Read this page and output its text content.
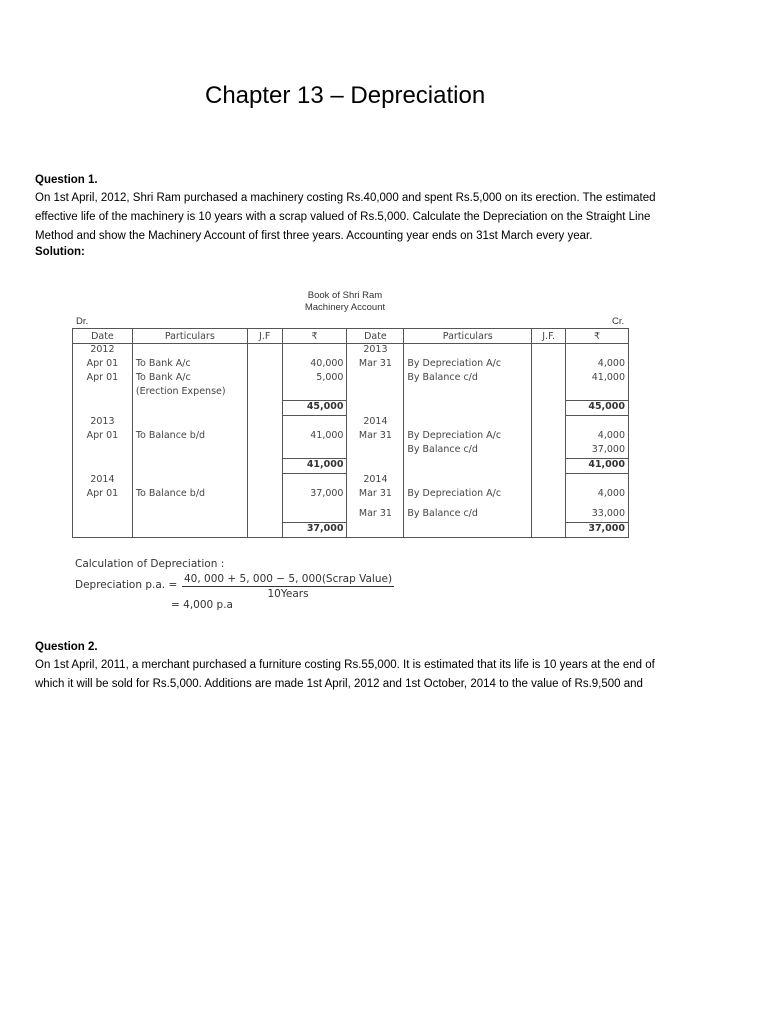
Chapter 13 – Depreciation
Question 1.
On 1st April, 2012, Shri Ram purchased a machinery costing Rs.40,000 and spent Rs.5,000 on its erection. The estimated
effective life of the machinery is 10 years with a scrap valued of Rs.5,000. Calculate the Depreciation on the Straight Line
Method and show the Machinery Account of first three years. Accounting year ends on 31st March every year.
Solution:
Book of Shri Ram
Machinery Account
Dr.	Cr.
Date	Particulars	J.F	₹	Date	Particulars	J.F.	₹
2012				2013			
Apr 01	To Bank A/c		40,000	Mar 31	By Depreciation A/c		4,000
Apr 01	To Bank A/c		5,000		By Balance c/d		41,000
	(Erection Expense)						
			45,000				45,000
2013				2014			
Apr 01	To Balance b/d		41,000	Mar 31	By Depreciation A/c		4,000
					By Balance c/d		37,000
			41,000				41,000
2014				2014			
Apr 01	To Balance b/d		37,000	Mar 31	By Depreciation A/c		4,000

				Mar 31	By Balance c/d		33,000
			37,000				37,000
Calculation of Depreciation :
Depreciation p.a. = 40, 000 + 5, 000 − 5, 000(Scrap Value)
10Years
= 4,000 p.a
Question 2.
On 1st April, 2011, a merchant purchased a furniture costing Rs.55,000. It is estimated that its life is 10 years at the end of
which it will be sold for Rs.5,000. Additions are made 1st April, 2012 and 1st October, 2014 to the value of Rs.9,500 and
